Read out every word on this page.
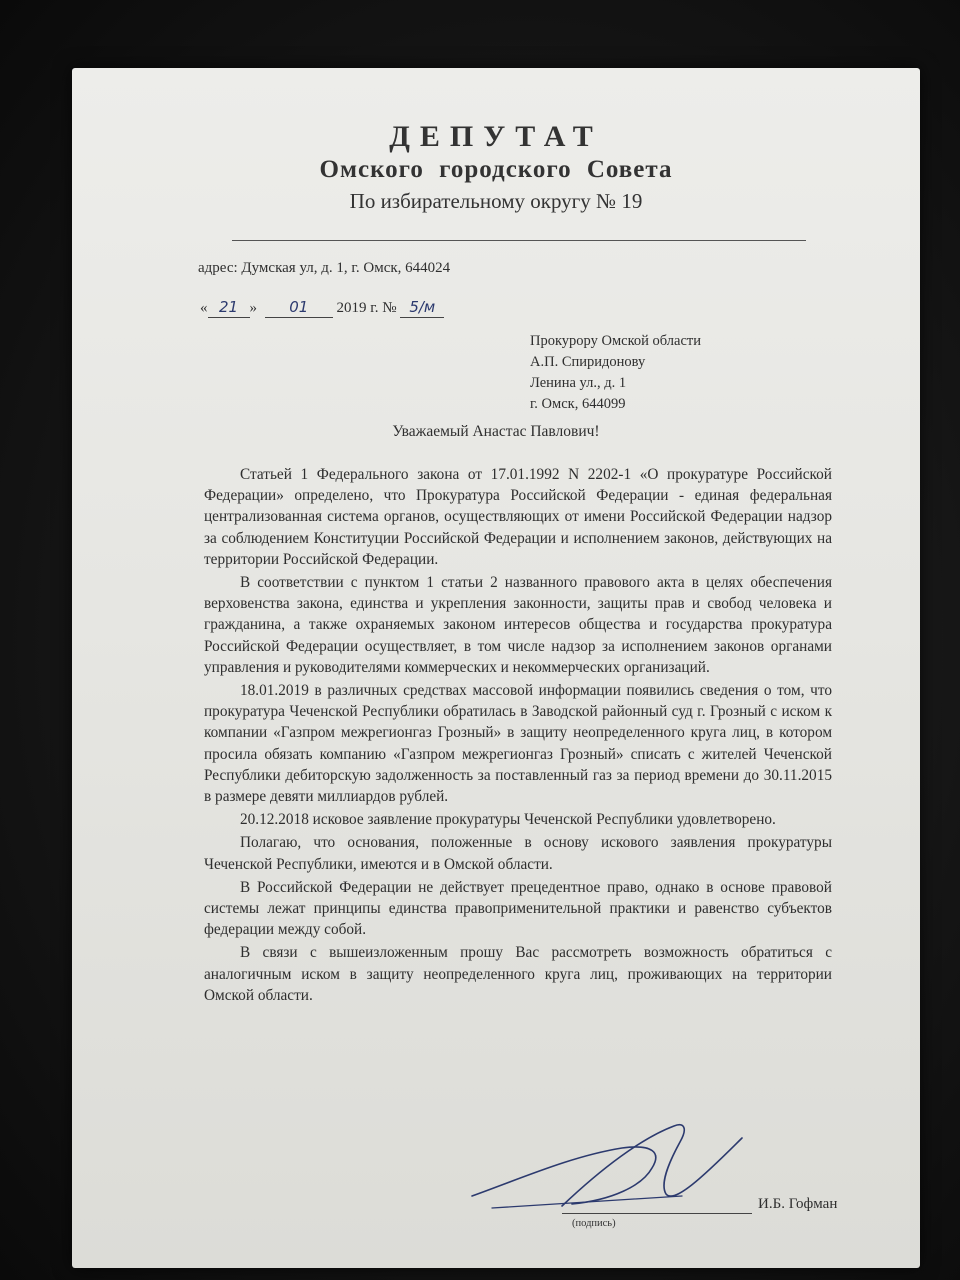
ДЕПУТАТ
Омского городского Совета
По избирательному округу № 19
адрес: Думская ул, д. 1, г. Омск, 644024
« 21 » 01 2019 г. № 5/м
Прокурору Омской области
А.П. Спиридонову
Ленина ул., д. 1
г. Омск, 644099
Уважаемый Анастас Павлович!

Статьей 1 Федерального закона от 17.01.1992 N 2202-1 «О прокуратуре Российской Федерации» определено, что Прокуратура Российской Федерации - единая федеральная централизованная система органов, осуществляющих от имени Российской Федерации надзор за соблюдением Конституции Российской Федерации и исполнением законов, действующих на территории Российской Федерации.

В соответствии с пунктом 1 статьи 2 названного правового акта в целях обеспечения верховенства закона, единства и укрепления законности, защиты прав и свобод человека и гражданина, а также охраняемых законом интересов общества и государства прокуратура Российской Федерации осуществляет, в том числе надзор за исполнением законов органами управления и руководителями коммерческих и некоммерческих организаций.

18.01.2019 в различных средствах массовой информации появились сведения о том, что прокуратура Чеченской Республики обратилась в Заводской районный суд г. Грозный с иском к компании «Газпром межрегионгаз Грозный» в защиту неопределенного круга лиц, в котором просила обязать компанию «Газпром межрегионгаз Грозный» списать с жителей Чеченской Республики дебиторскую задолженность за поставленный газ за период времени до 30.11.2015 в размере девяти миллиардов рублей.

20.12.2018 исковое заявление прокуратуры Чеченской Республики удовлетворено.

Полагаю, что основания, положенные в основу искового заявления прокуратуры Чеченской Республики, имеются и в Омской области.

В Российской Федерации не действует прецедентное право, однако в основе правовой системы лежат принципы единства правоприменительной практики и равенство субъектов федерации между собой.

В связи с вышеизложенным прошу Вас рассмотреть возможность обратиться с аналогичным иском в защиту неопределенного круга лиц, проживающих на территории Омской области.

И.Б. Гофман
(подпись)
